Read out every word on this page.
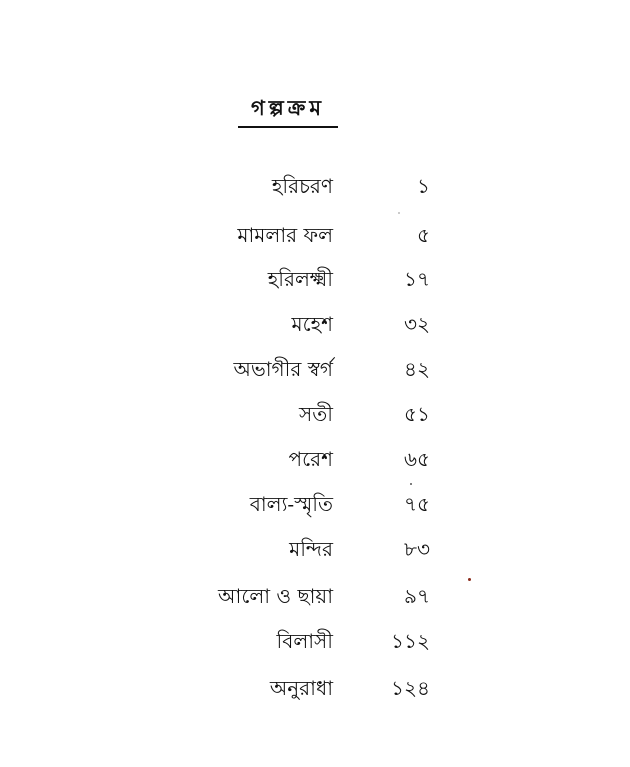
গল্পক্রম
হরিচরণ	১
মামলার ফল	৫
হরিলক্ষ্মী	১৭
মহেশ	৩২
অভাগীর স্বর্গ	৪২
সতী	৫১
পরেশ	৬৫
বাল্য-স্মৃতি	৭৫
মন্দির	৮৩
আলো ও ছায়া	৯৭
বিলাসী	১১২
অনুরাধা	১২৪
